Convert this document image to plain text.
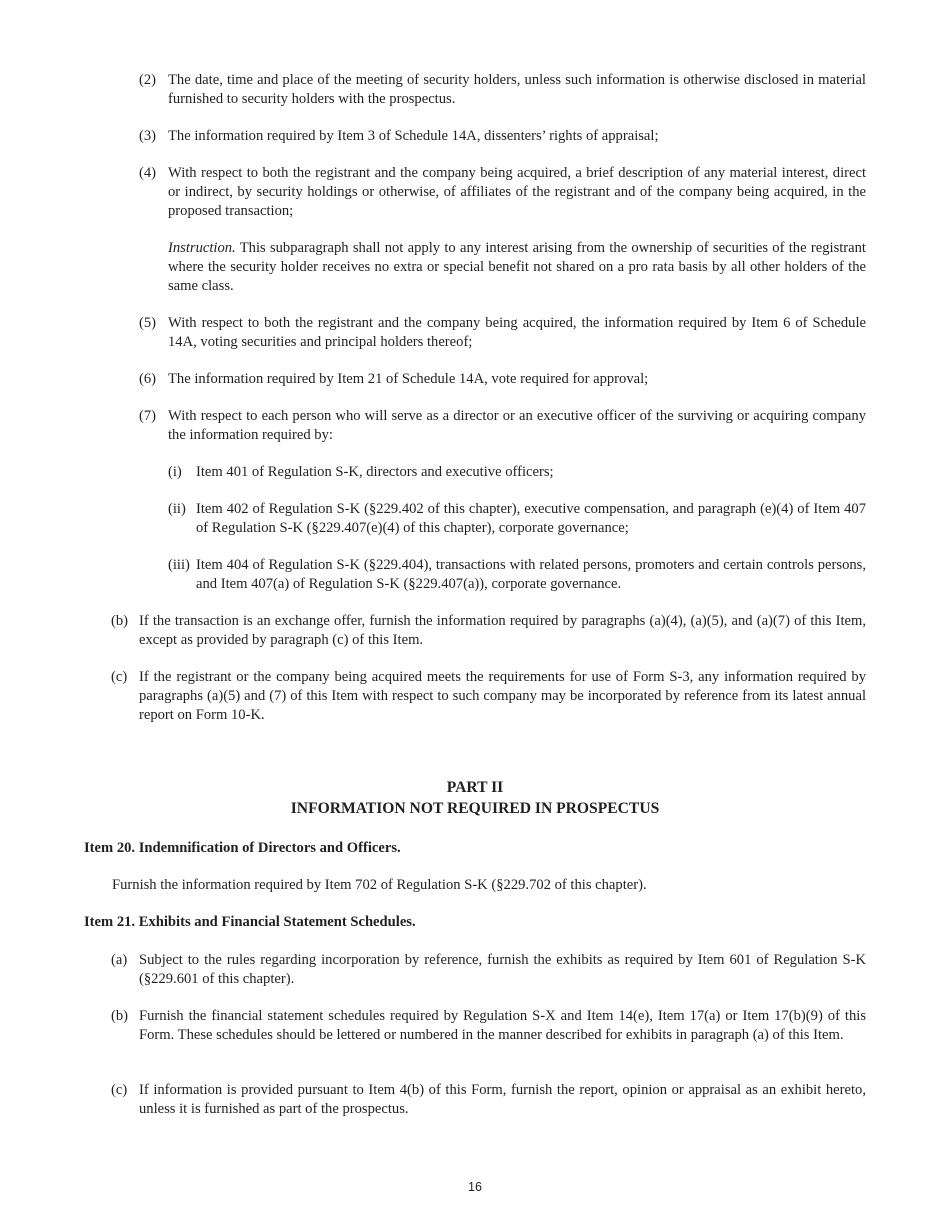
(2) The date, time and place of the meeting of security holders, unless such information is otherwise disclosed in material furnished to security holders with the prospectus.
(3) The information required by Item 3 of Schedule 14A, dissenters’ rights of appraisal;
(4) With respect to both the registrant and the company being acquired, a brief description of any material interest, direct or indirect, by security holdings or otherwise, of affiliates of the registrant and of the company being acquired, in the proposed transaction;
Instruction. This subparagraph shall not apply to any interest arising from the ownership of securities of the registrant where the security holder receives no extra or special benefit not shared on a pro rata basis by all other holders of the same class.
(5) With respect to both the registrant and the company being acquired, the information required by Item 6 of Schedule 14A, voting securities and principal holders thereof;
(6) The information required by Item 21 of Schedule 14A, vote required for approval;
(7) With respect to each person who will serve as a director or an executive officer of the surviving or acquiring company the information required by:
(i) Item 401 of Regulation S-K, directors and executive officers;
(ii) Item 402 of Regulation S-K (§229.402 of this chapter), executive compensation, and paragraph (e)(4) of Item 407 of Regulation S-K (§229.407(e)(4) of this chapter), corporate governance;
(iii) Item 404 of Regulation S-K (§229.404), transactions with related persons, promoters and certain controls persons, and Item 407(a) of Regulation S-K (§229.407(a)), corporate governance.
(b) If the transaction is an exchange offer, furnish the information required by paragraphs (a)(4), (a)(5), and (a)(7) of this Item, except as provided by paragraph (c) of this Item.
(c) If the registrant or the company being acquired meets the requirements for use of Form S-3, any information required by paragraphs (a)(5) and (7) of this Item with respect to such company may be incorporated by reference from its latest annual report on Form 10-K.
PART II
INFORMATION NOT REQUIRED IN PROSPECTUS
Item 20. Indemnification of Directors and Officers.
Furnish the information required by Item 702 of Regulation S-K (§229.702 of this chapter).
Item 21. Exhibits and Financial Statement Schedules.
(a) Subject to the rules regarding incorporation by reference, furnish the exhibits as required by Item 601 of Regulation S-K (§229.601 of this chapter).
(b) Furnish the financial statement schedules required by Regulation S-X and Item 14(e), Item 17(a) or Item 17(b)(9) of this Form. These schedules should be lettered or numbered in the manner described for exhibits in paragraph (a) of this Item.
(c) If information is provided pursuant to Item 4(b) of this Form, furnish the report, opinion or appraisal as an exhibit hereto, unless it is furnished as part of the prospectus.
16
